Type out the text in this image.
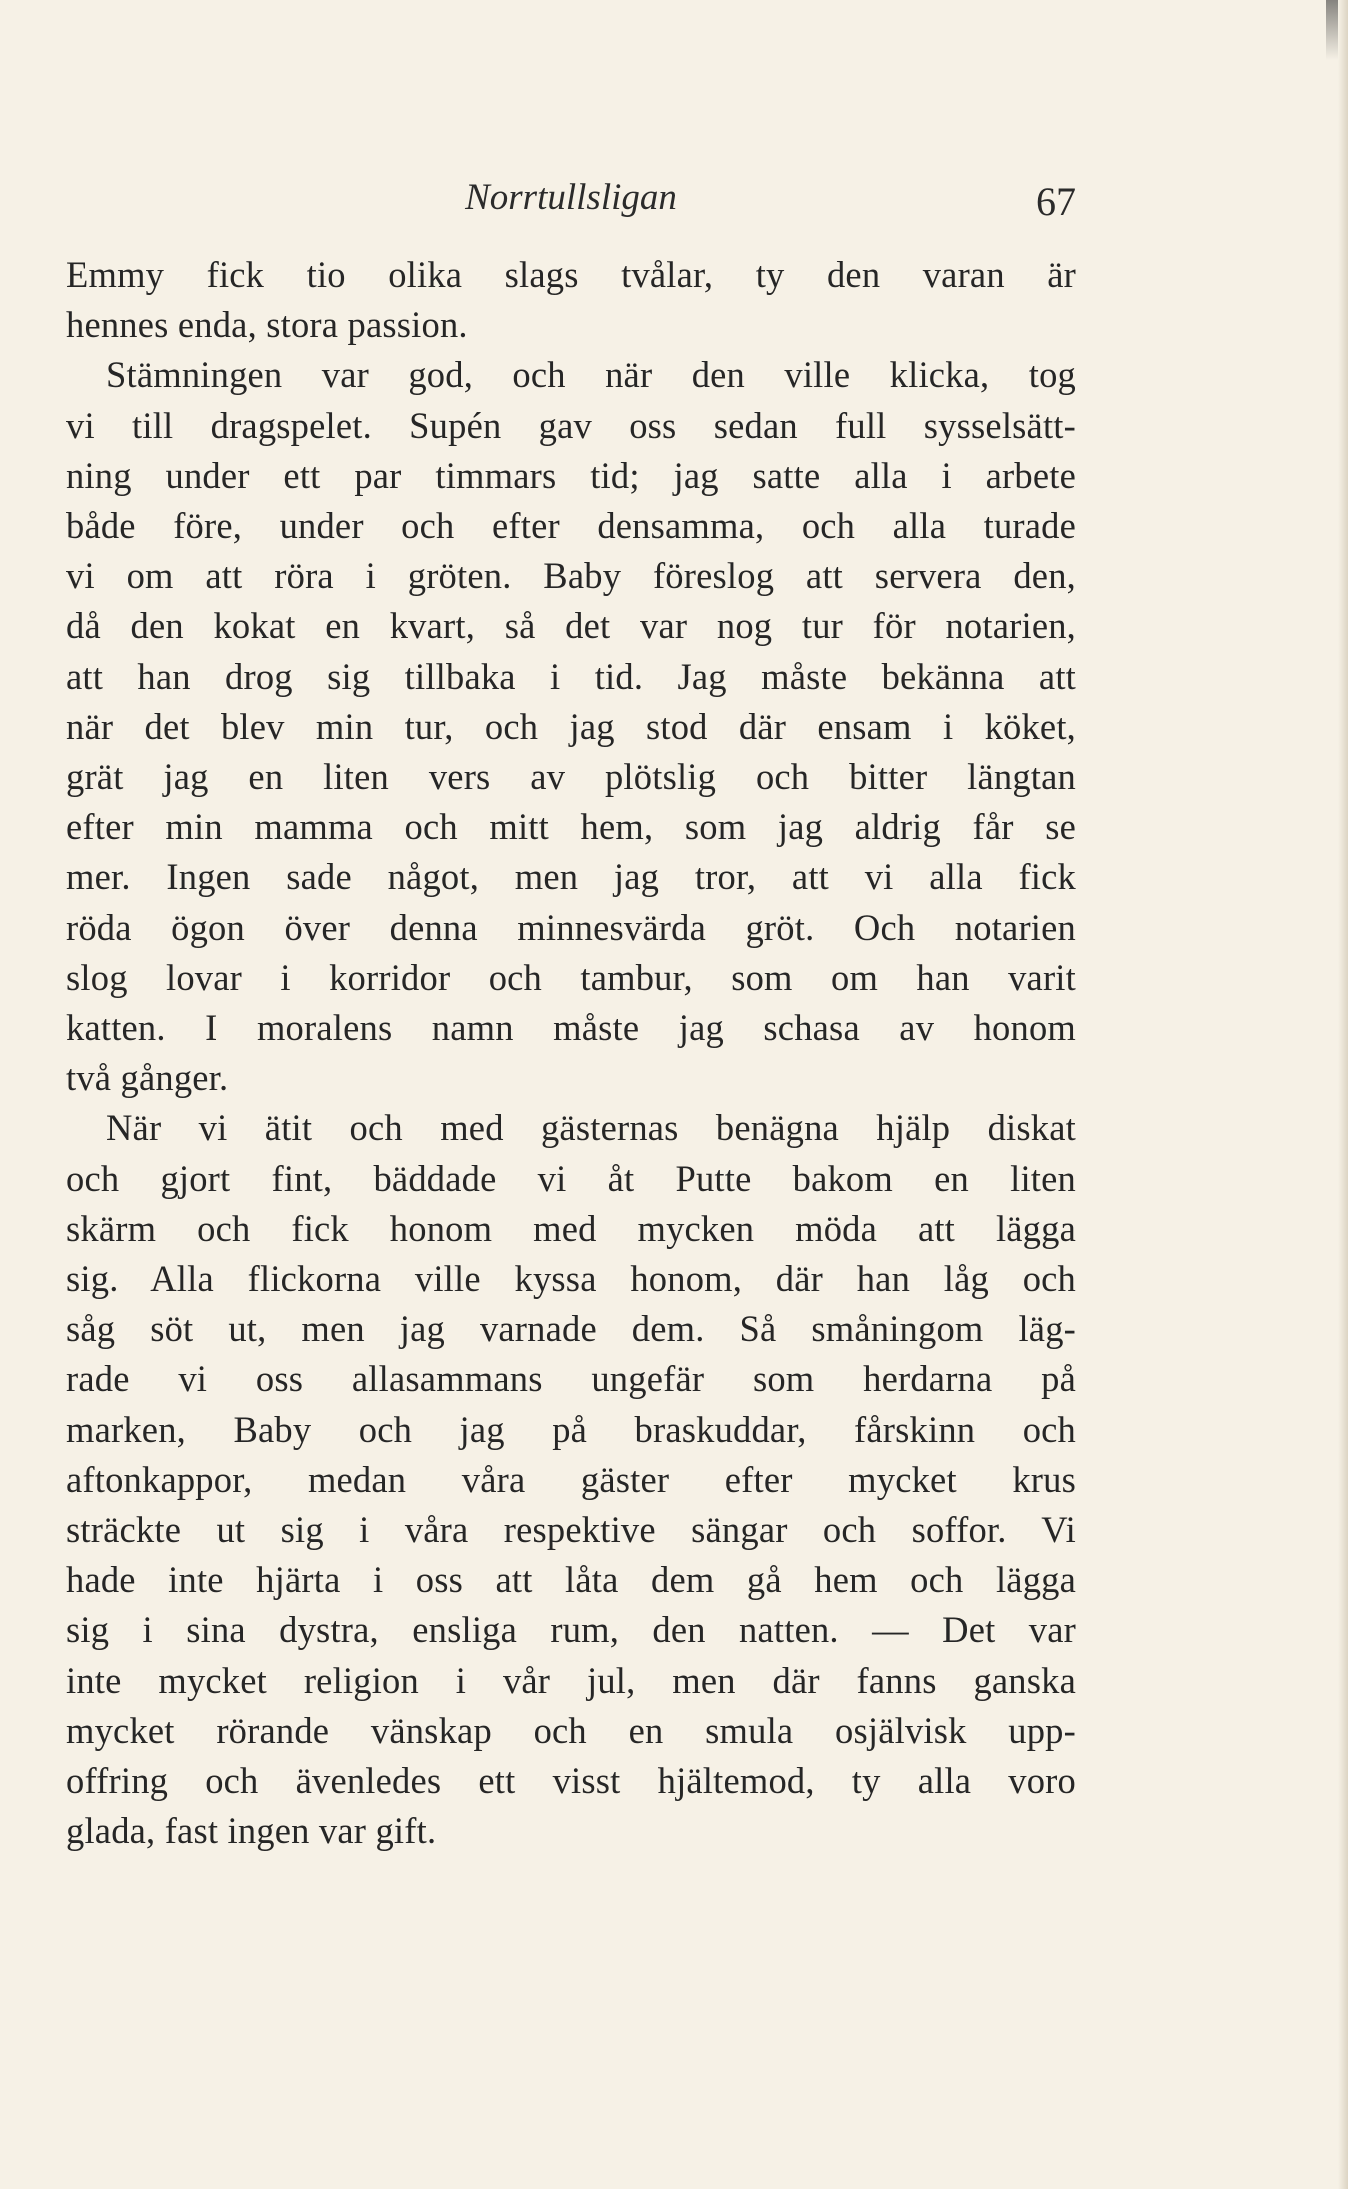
Norrtullsligan	67
Emmy fick tio olika slags tvålar, ty den varan är
hennes enda, stora passion.
Stämningen var god, och när den ville klicka, tog
vi till dragspelet. Supén gav oss sedan full sysselsätt-
ning under ett par timmars tid; jag satte alla i arbete
både före, under och efter densamma, och alla turade
vi om att röra i gröten. Baby föreslog att servera den,
då den kokat en kvart, så det var nog tur för notarien,
att han drog sig tillbaka i tid. Jag måste bekänna att
när det blev min tur, och jag stod där ensam i köket,
grät jag en liten vers av plötslig och bitter längtan
efter min mamma och mitt hem, som jag aldrig får se
mer. Ingen sade något, men jag tror, att vi alla fick
röda ögon över denna minnesvärda gröt. Och notarien
slog lovar i korridor och tambur, som om han varit
katten. I moralens namn måste jag schasa av honom
två gånger.
När vi ätit och med gästernas benägna hjälp diskat
och gjort fint, bäddade vi åt Putte bakom en liten
skärm och fick honom med mycken möda att lägga
sig. Alla flickorna ville kyssa honom, där han låg och
såg söt ut, men jag varnade dem. Så småningom läg-
rade vi oss allasammans ungefär som herdarna på
marken, Baby och jag på braskuddar, fårskinn och
aftonkappor, medan våra gäster efter mycket krus
sträckte ut sig i våra respektive sängar och soffor. Vi
hade inte hjärta i oss att låta dem gå hem och lägga
sig i sina dystra, ensliga rum, den natten. — Det var
inte mycket religion i vår jul, men där fanns ganska
mycket rörande vänskap och en smula osjälvisk upp-
offring och ävenledes ett visst hjältemod, ty alla voro
glada, fast ingen var gift.
